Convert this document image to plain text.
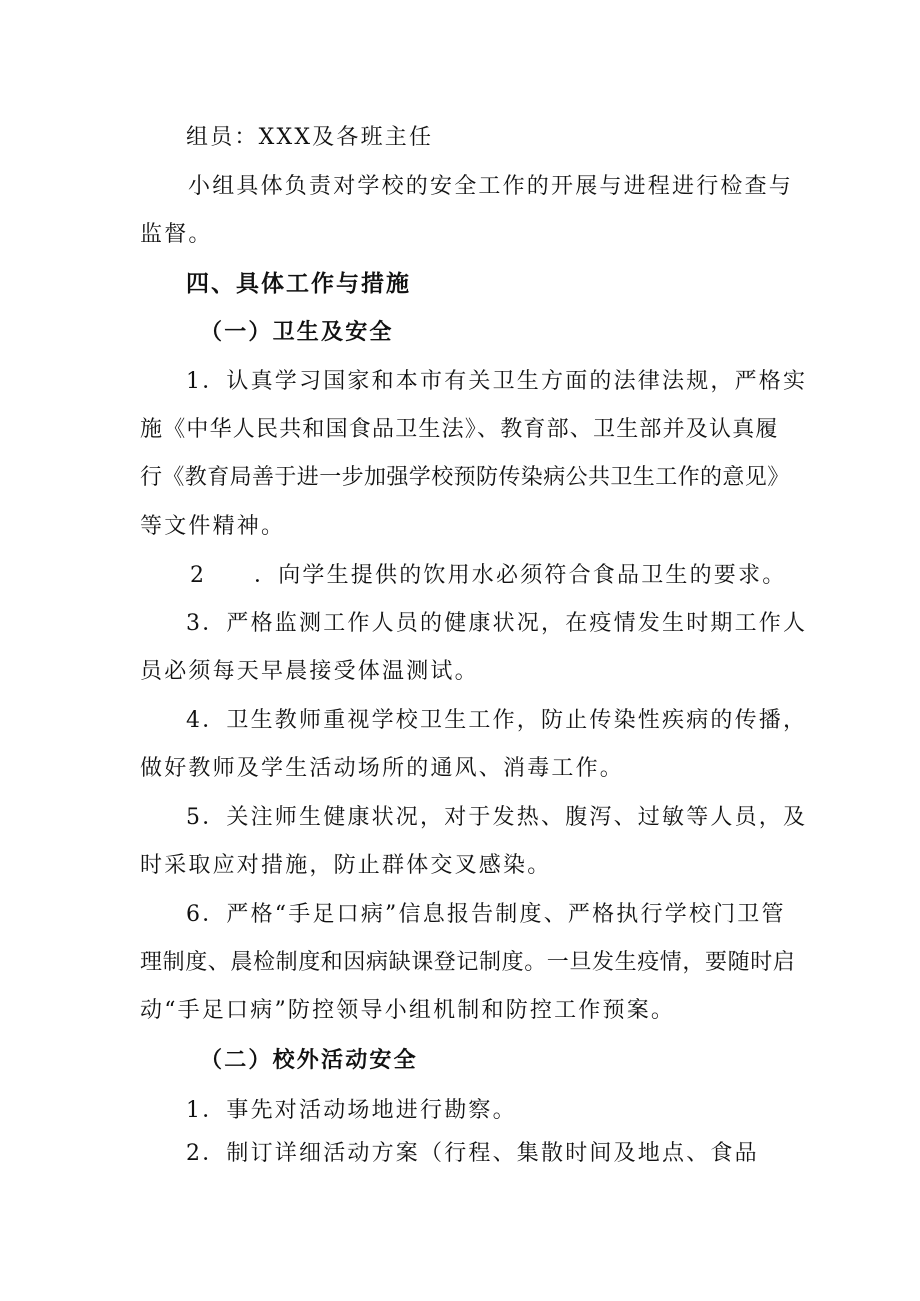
组员：XXX及各班主任
小组具体负责对学校的安全工作的开展与进程进行检查与
监督。
四、具体工作与措施
（一）卫生及安全
1．认真学习国家和本市有关卫生方面的法律法规，严格实
施《中华人民共和国食品卫生法》、教育部、卫生部并及认真履
行《教育局善于进一步加强学校预防传染病公共卫生工作的意见》
等文件精神。
2 ．向学生提供的饮用水必须符合食品卫生的要求。
3．严格监测工作人员的健康状况，在疫情发生时期工作人
员必须每天早晨接受体温测试。
4．卫生教师重视学校卫生工作，防止传染性疾病的传播，
做好教师及学生活动场所的通风、消毒工作。
5．关注师生健康状况，对于发热、腹泻、过敏等人员，及
时采取应对措施，防止群体交叉感染。
6．严格“手足口病”信息报告制度、严格执行学校门卫管
理制度、晨检制度和因病缺课登记制度。一旦发生疫情，要随时启
动“手足口病”防控领导小组机制和防控工作预案。
（二）校外活动安全
1．事先对活动场地进行勘察。
2．制订详细活动方案（行程、集散时间及地点、食品
